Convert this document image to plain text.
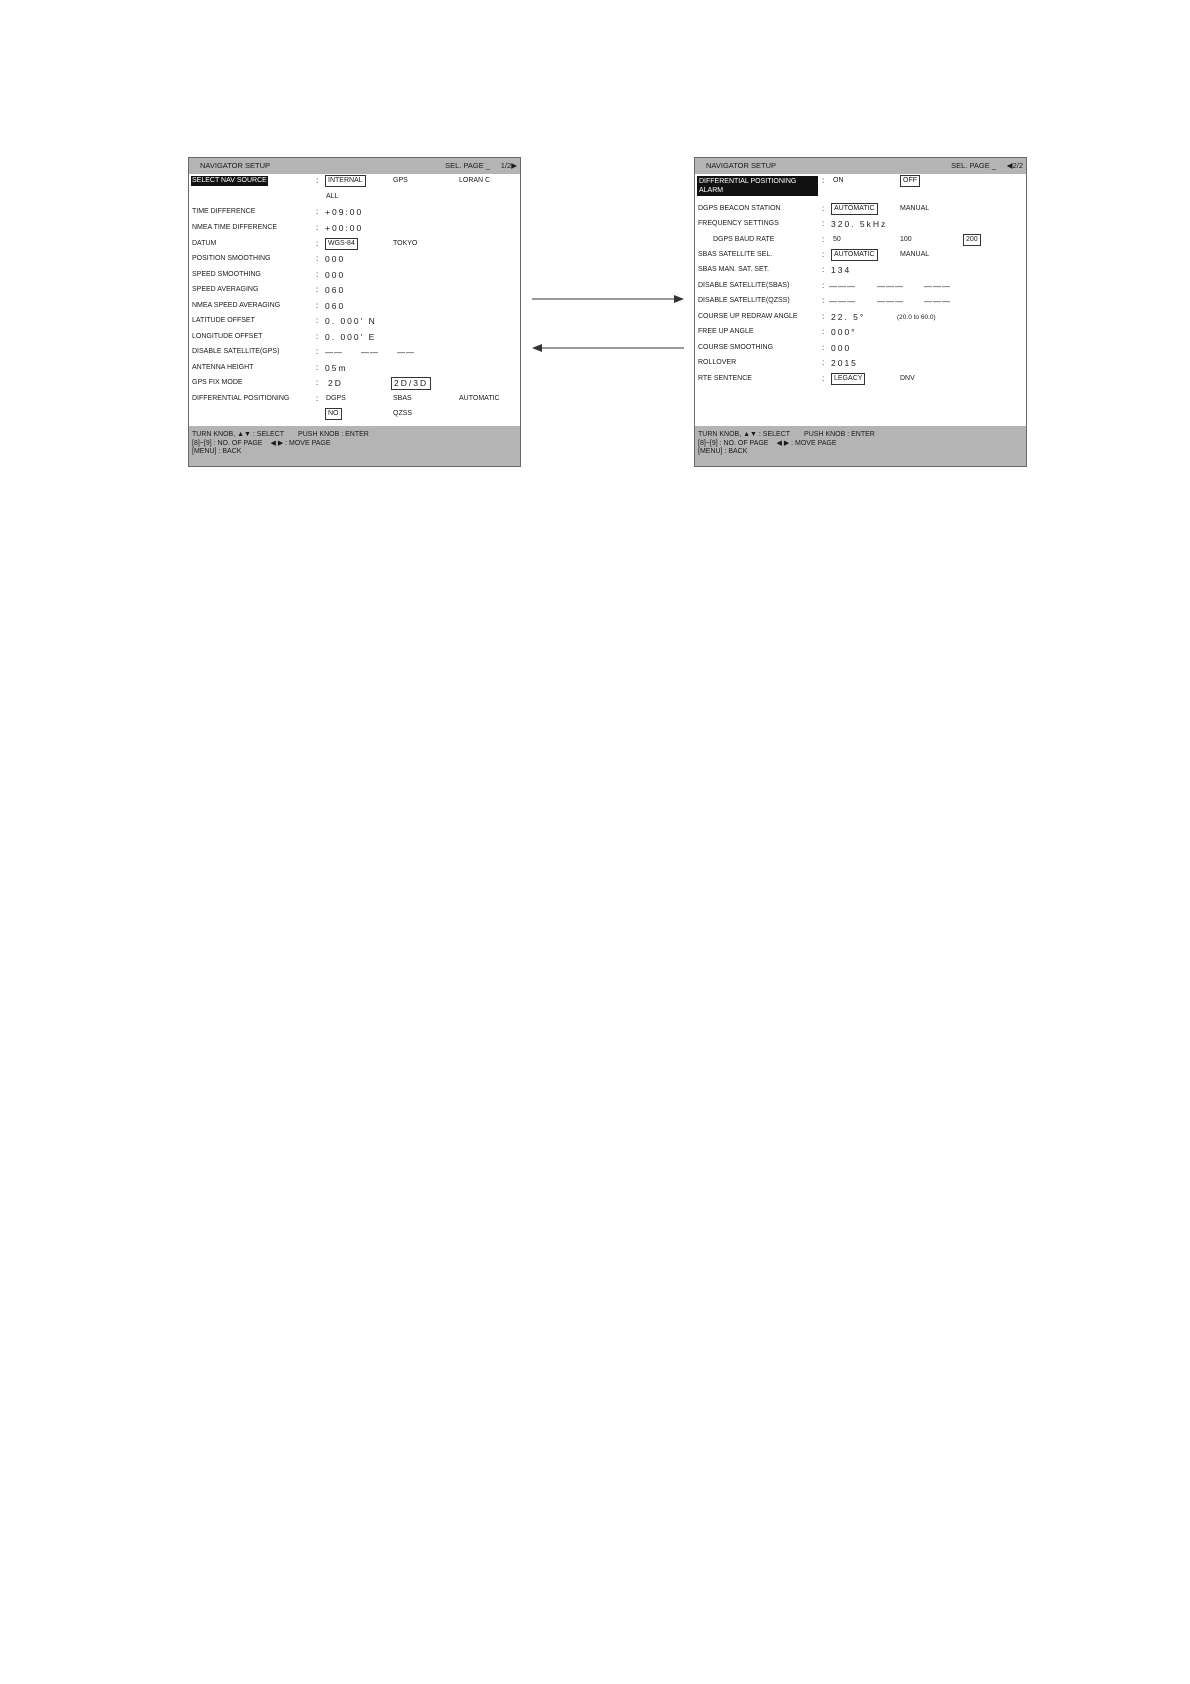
NAVIGATOR SETUP	SEL. PAGE _ 1/2▶
SELECT NAV SOURCE	:	INTERNAL	GPS	LORAN C
ALL
TIME DIFFERENCE	: +09:00
NMEA TIME DIFFERENCE	: +00:00
DATUM	:	WGS-84	TOKYO
POSITION SMOOTHING	: 000
SPEED SMOOTHING	: 000
SPEED AVERAGING	: 060
NMEA SPEED AVERAGING	: 060
LATITUDE OFFSET	: 0. 000' N
LONGITUDE OFFSET	: 0. 000' E
DISABLE SATELLITE(GPS)	: —— —— ——
ANTENNA HEIGHT	: 05m
GPS FIX MODE	: 2D	2D/3D
DIFFERENTIAL POSITIONING	: DGPS	SBAS	AUTOMATIC
NO	QZSS
TURN KNOB, ▲▼ : SELECT PUSH KNOB : ENTER
[8]~[9] : NO. OF PAGE ◀ ▶ : MOVE PAGE
[MENU] : BACK
NAVIGATOR SETUP	SEL. PAGE _ ◀2/2
DIFFERENTIAL POSITIONING ALARM
: ON	OFF
DGPS BEACON STATION	:	AUTOMATIC	MANUAL
FREQUENCY SETTINGS	: 320. 5kHz
DGPS BAUD RATE	: 50	100	200
SBAS SATELLITE SEL.	:	AUTOMATIC	MANUAL
SBAS MAN. SAT. SET.	: 134
DISABLE SATELLITE(SBAS)	: ———	———	———
DISABLE SATELLITE(QZSS)	: ———	———	———
COURSE UP REDRAW ANGLE	: 22. 5°	(20.0 to 60.0)
FREE UP ANGLE	: 000°
COURSE SMOOTHING	: 000
ROLLOVER	: 2015
RTE SENTENCE	:	LEGACY	DNV
TURN KNOB, ▲▼ : SELECT PUSH KNOB : ENTER
[8]~[9] : NO. OF PAGE ◀ ▶ : MOVE PAGE
[MENU] : BACK
